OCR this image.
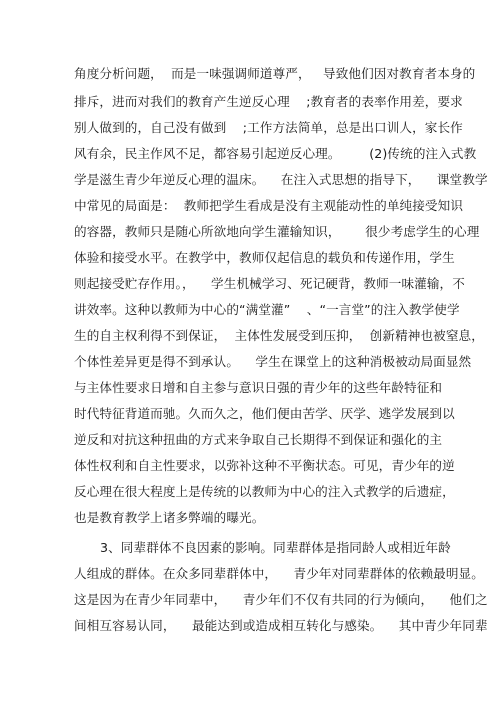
角度分析问题，  而是一味强调师道尊严，   导致他们因对教育者本身的
排斥，进而对我们的教育产生逆反心理    ;教育者的表率作用差，要求
别人做到的，自己没有做到    ;工作方法简单，总是出口训人，家长作
风有余，民主作风不足，都容易引起逆反心理。       (2)传统的注入式教
学是滋生青少年逆反心理的温床。    在注入式思想的指导下，    课堂教学
中常见的局面是：  教师把学生看成是没有主观能动性的单纯接受知识
的容器，教师只是随心所欲地向学生灌输知识，      很少考虑学生的心理
体验和接受水平。在教学中，教师仅起信息的载负和传递作用，学生
则起接受贮存作用。，    学生机械学习、死记硬背，教师一味灌输，不
讲效率。这种以教师为中心的“满堂灌”    、“一言堂”的注入教学使学
生的自主权利得不到保证，  主体性发展受到压抑，  创新精神也被窒息，
个体性差异更是得不到承认。    学生在课堂上的这种消极被动局面显然
与主体性要求日增和自主参与意识日强的青少年的这些年龄特征和
时代特征背道而驰。久而久之，他们便由苦学、厌学、逃学发展到以
逆反和对抗这种扭曲的方式来争取自己长期得不到保证和强化的主
体性权利和自主性要求，以弥补这种不平衡状态。可见，青少年的逆
反心理在很大程度上是传统的以教师为中心的注入式教学的后遗症，
也是教育教学上诸多弊端的曝光。
3、同辈群体不良因素的影响。同辈群体是指同龄人或相近年龄
人组成的群体。在众多同辈群体中，    青少年对同辈群体的依赖最明显。
这是因为在青少年同辈中，    青少年们不仅有共同的行为倾向，    他们之
间相互容易认同，    最能达到或造成相互转化与感染。    其中青少年同辈
